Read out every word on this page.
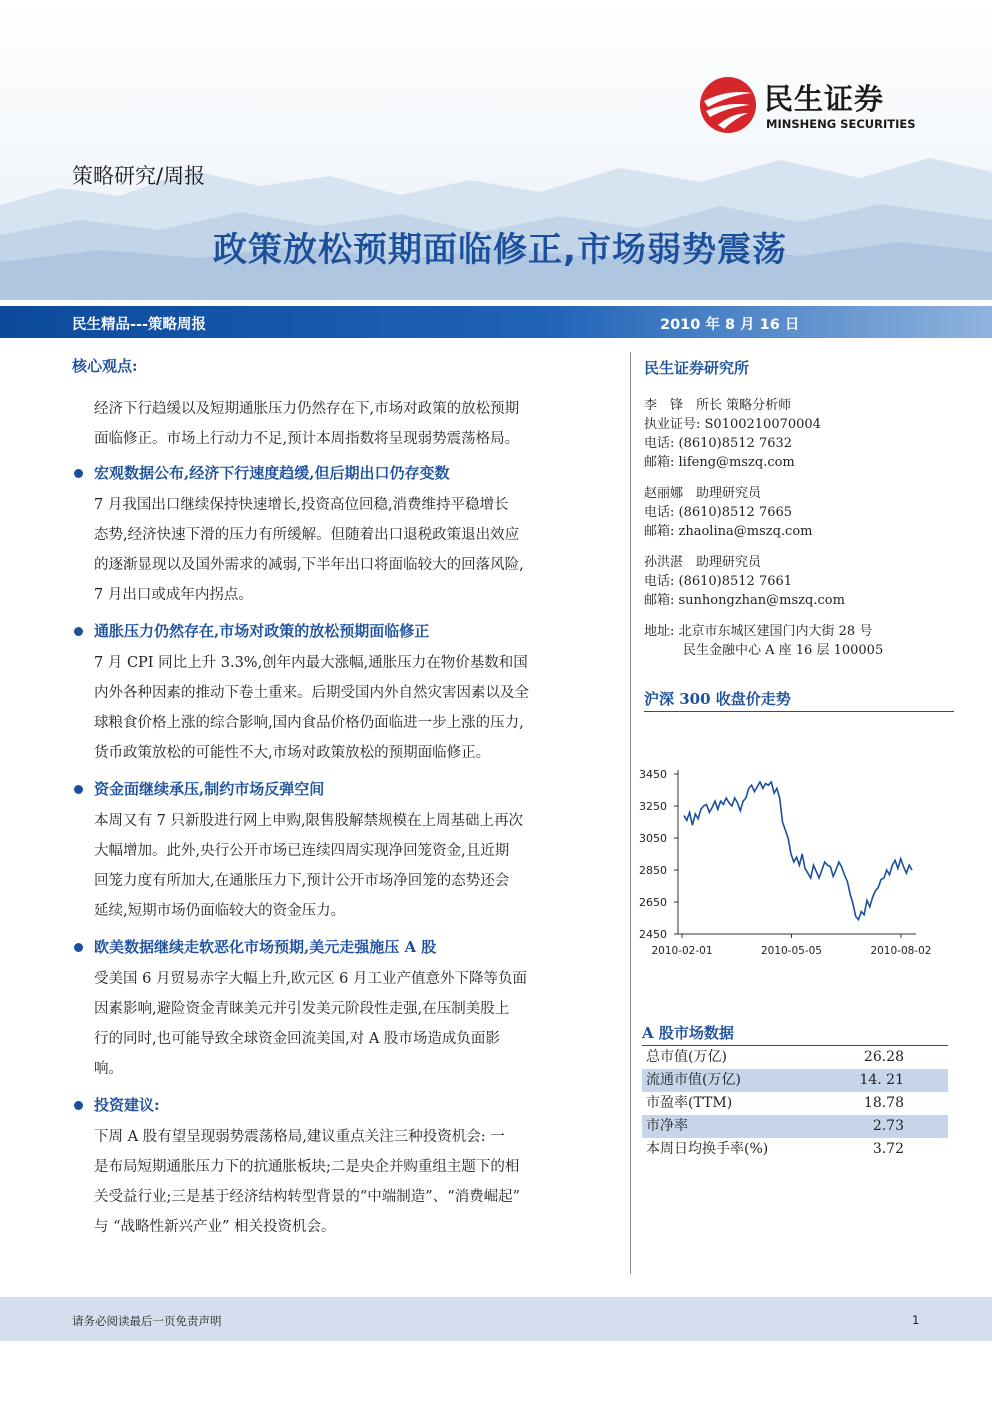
民生证券
MINSHENG SECURITIES
策略研究/周报
政策放松预期面临修正,市场弱势震荡
民生精品---策略周报	2010 年 8 月 16 日
核心观点:
经济下行趋缓以及短期通胀压力仍然存在下,市场对政策的放松预期
面临修正。市场上行动力不足,预计本周指数将呈现弱势震荡格局。
宏观数据公布,经济下行速度趋缓,但后期出口仍存变数
7 月我国出口继续保持快速增长,投资高位回稳,消费维持平稳增长
态势,经济快速下滑的压力有所缓解。但随着出口退税政策退出效应
的逐渐显现以及国外需求的减弱,下半年出口将面临较大的回落风险,
7 月出口或成年内拐点。
通胀压力仍然存在,市场对政策的放松预期面临修正
7 月 CPI 同比上升 3.3%,创年内最大涨幅,通胀压力在物价基数和国
内外各种因素的推动下卷土重来。后期受国内外自然灾害因素以及全
球粮食价格上涨的综合影响,国内食品价格仍面临进一步上涨的压力,
货币政策放松的可能性不大,市场对政策放松的预期面临修正。
资金面继续承压,制约市场反弹空间
本周又有 7 只新股进行网上申购,限售股解禁规模在上周基础上再次
大幅增加。此外,央行公开市场已连续四周实现净回笼资金,且近期
回笼力度有所加大,在通胀压力下,预计公开市场净回笼的态势还会
延续,短期市场仍面临较大的资金压力。
欧美数据继续走软恶化市场预期,美元走强施压 A 股
受美国 6 月贸易赤字大幅上升,欧元区 6 月工业产值意外下降等负面
因素影响,避险资金青睐美元并引发美元阶段性走强,在压制美股上
行的同时,也可能导致全球资金回流美国,对 A 股市场造成负面影
响。
投资建议:
下周 A 股有望呈现弱势震荡格局,建议重点关注三种投资机会: 一
是布局短期通胀压力下的抗通胀板块;二是央企并购重组主题下的相
关受益行业;三是基于经济结构转型背景的“中端制造”、“消费崛起”
与 “战略性新兴产业” 相关投资机会。
民生证券研究所
李　锋　所长 策略分析师
执业证号: S0100210070004
电话: (8610)8512 7632
邮箱: lifeng@mszq.com
赵丽娜　助理研究员
电话: (8610)8512 7665
邮箱: zhaolina@mszq.com
孙洪湛　助理研究员
电话: (8610)8512 7661
邮箱: sunhongzhan@mszq.com
地址: 北京市东城区建国门内大街 28 号
　　　民生金融中心 A 座 16 层 100005
沪深 300 收盘价走势
3450
3250
3050
2850
2650
2450
2010-02-01	2010-05-05	2010-08-02
A 股市场数据
总市值(万亿)	26.28
流通市值(万亿)	14. 21
市盈率(TTM)	18.78
市净率	2.73
本周日均换手率(%)	3.72
请务必阅读最后一页免责声明	1
